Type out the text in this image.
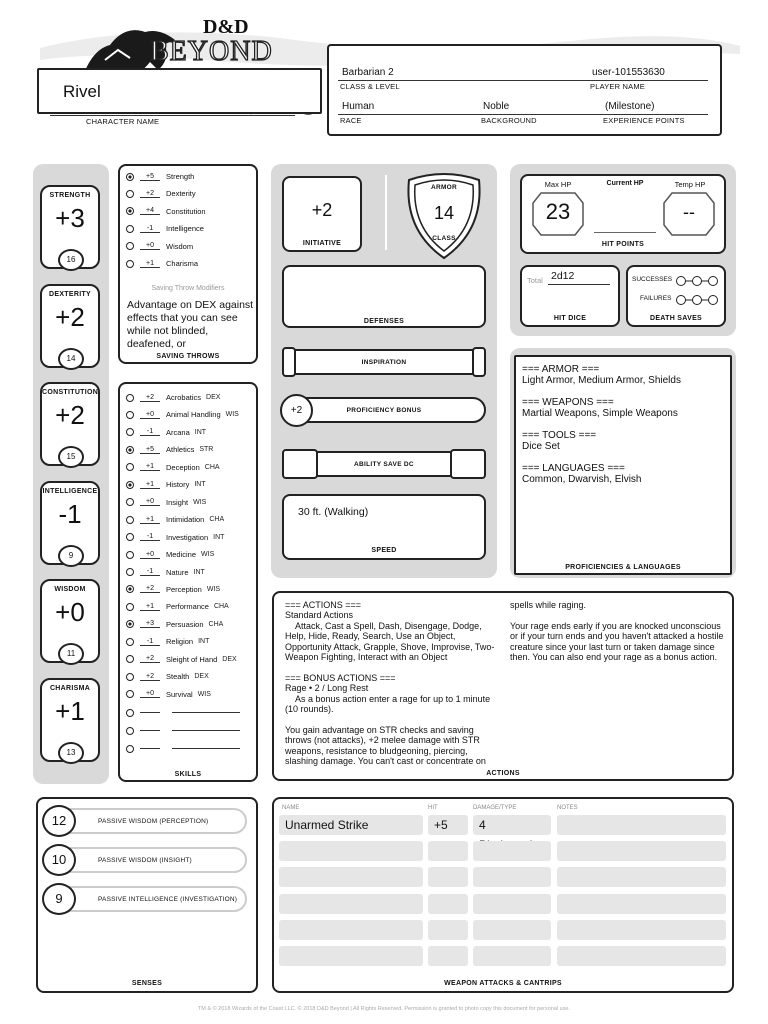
D&D
BEYOND
Rivel
CHARACTER NAME
Barbarian 2
CLASS & LEVEL
user-101553630
PLAYER NAME
Human
RACE
Noble
BACKGROUND
(Milestone)
EXPERIENCE POINTS
STRENGTH
+3
16
DEXTERITY
+2
14
CONSTITUTION
+2
15
INTELLIGENCE
-1
9
WISDOM
+0
11
CHARISMA
+1
13
+5	Strength
+2	Dexterity
+4	Constitution
-1	Intelligence
+0	Wisdom
+1	Charisma
Saving Throw Modifiers
Advantage on DEX against effects that you can see while not blinded, deafened, or
SAVING THROWS
+2	Acrobatics DEX
+0	Animal Handling WIS
-1	Arcana INT
+5	Athletics STR
+1	Deception CHA
+1	History INT
+0	Insight WIS
+1	Intimidation CHA
-1	Investigation INT
+0	Medicine WIS
-1	Nature INT
+2	Perception WIS
+1	Performance CHA
+3	Persuasion CHA
-1	Religion INT
+2	Sleight of Hand DEX
+2	Stealth DEX
+0	Survival WIS
SKILLS
+2
INITIATIVE
ARMOR
14
CLASS
DEFENSES
INSPIRATION
PROFICIENCY BONUS
+2
ABILITY SAVE DC
30 ft. (Walking)
SPEED
Max HP	Current HP	Temp HP
23	--
HIT POINTS
Total 2d12
HIT DICE
SUCCESSES
FAILURES
DEATH SAVES
=== ARMOR ===
Light Armor, Medium Armor, Shields

=== WEAPONS ===
Martial Weapons, Simple Weapons

=== TOOLS ===
Dice Set

=== LANGUAGES ===
Common, Dwarvish, Elvish
PROFICIENCIES & LANGUAGES
=== ACTIONS ===
Standard Actions
Attack, Cast a Spell, Dash, Disengage, Dodge, Help, Hide, Ready, Search, Use an Object, Opportunity Attack, Grapple, Shove, Improvise, Two-Weapon Fighting, Interact with an Object

=== BONUS ACTIONS ===
Rage • 2 / Long Rest
As a bonus action enter a rage for up to 1 minute (10 rounds).

You gain advantage on STR checks and saving throws (not attacks), +2 melee damage with STR weapons, resistance to bludgeoning, piercing, slashing damage. You can't cast or concentrate on
spells while raging.

Your rage ends early if you are knocked unconscious or if your turn ends and you haven't attacked a hostile creature since your last turn or taken damage since then. You can also end your rage as a bonus action.
ACTIONS
12	PASSIVE WISDOM (PERCEPTION)
10	PASSIVE WISDOM (INSIGHT)
9	PASSIVE INTELLIGENCE (INVESTIGATION)
SENSES
NAME	HIT	DAMAGE/TYPE	NOTES
Unarmed Strike	+5	4
WEAPON ATTACKS & CANTRIPS
TM & © 2018 Wizards of the Coast LLC. © 2018 D&D Beyond | All Rights Reserved. Permission is granted to photo copy this document for personal use.
